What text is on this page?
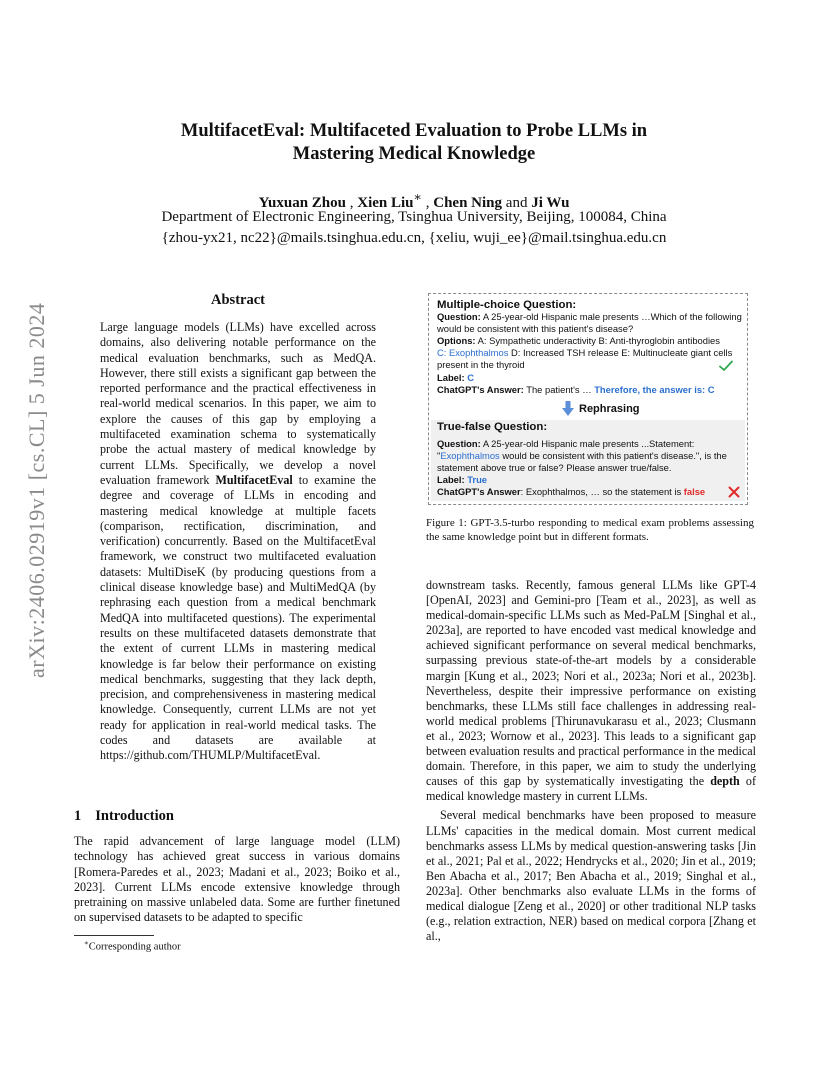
arXiv:2406.02919v1 [cs.CL] 5 Jun 2024
MultifacetEval: Multifaceted Evaluation to Probe LLMs in
Mastering Medical Knowledge
Yuxuan Zhou , Xien Liu∗ , Chen Ning and Ji Wu
Department of Electronic Engineering, Tsinghua University, Beijing, 100084, China
{zhou-yx21, nc22}@mails.tsinghua.edu.cn, {xeliu, wuji_ee}@mail.tsinghua.edu.cn
Abstract
Large language models (LLMs) have excelled across domains, also delivering notable performance on the medical evaluation benchmarks, such as MedQA. However, there still exists a significant gap between the reported performance and the practical effectiveness in real-world medical scenarios. In this paper, we aim to explore the causes of this gap by employing a multifaceted examination schema to systematically probe the actual mastery of medical knowledge by current LLMs. Specifically, we develop a novel evaluation framework MultifacetEval to examine the degree and coverage of LLMs in encoding and mastering medical knowledge at multiple facets (comparison, rectification, discrimination, and verification) concurrently. Based on the MultifacetEval framework, we construct two multifaceted evaluation datasets: MultiDiseK (by producing questions from a clinical disease knowledge base) and MultiMedQA (by rephrasing each question from a medical benchmark MedQA into multifaceted questions). The experimental results on these multifaceted datasets demonstrate that the extent of current LLMs in mastering medical knowledge is far below their performance on existing medical benchmarks, suggesting that they lack depth, precision, and comprehensiveness in mastering medical knowledge. Consequently, current LLMs are not yet ready for application in real-world medical tasks. The codes and datasets are available at https://github.com/THUMLP/MultifacetEval.
1 Introduction
The rapid advancement of large language model (LLM) technology has achieved great success in various domains [Romera-Paredes et al., 2023; Madani et al., 2023; Boiko et al., 2023]. Current LLMs encode extensive knowledge through pretraining on massive unlabeled data. Some are further finetuned on supervised datasets to be adapted to specific
∗Corresponding author
Multiple-choice Question:
Question: A 25-year-old Hispanic male presents …Which of the following would be consistent with this patient's disease?
Options: A: Sympathetic underactivity B: Anti-thyroglobin antibodies
C: Exophthalmos D: Increased TSH release E: Multinucleate giant cells present in the thyroid
Label: C
ChatGPT's Answer: The patient's … Therefore, the answer is: C
Rephrasing
True-false Question:
Question: A 25-year-old Hispanic male presents ...Statement: "Exophthalmos would be consistent with this patient's disease.", is the statement above true or false? Please answer true/false.
Label: True
ChatGPT's Answer: Exophthalmos, … so the statement is false
Figure 1: GPT-3.5-turbo responding to medical exam problems assessing the same knowledge point but in different formats.

downstream tasks. Recently, famous general LLMs like GPT-4 [OpenAI, 2023] and Gemini-pro [Team et al., 2023], as well as medical-domain-specific LLMs such as Med-PaLM [Singhal et al., 2023a], are reported to have encoded vast medical knowledge and achieved significant performance on several medical benchmarks, surpassing previous state-of-the-art models by a considerable margin [Kung et al., 2023; Nori et al., 2023a; Nori et al., 2023b]. Nevertheless, despite their impressive performance on existing benchmarks, these LLMs still face challenges in addressing real-world medical problems [Thirunavukarasu et al., 2023; Clusmann et al., 2023; Wornow et al., 2023]. This leads to a significant gap between evaluation results and practical performance in the medical domain. Therefore, in this paper, we aim to study the underlying causes of this gap by systematically investigating the depth of medical knowledge mastery in current LLMs.

Several medical benchmarks have been proposed to measure LLMs' capacities in the medical domain. Most current medical benchmarks assess LLMs by medical question-answering tasks [Jin et al., 2021; Pal et al., 2022; Hendrycks et al., 2020; Jin et al., 2019; Ben Abacha et al., 2017; Ben Abacha et al., 2019; Singhal et al., 2023a]. Other benchmarks also evaluate LLMs in the forms of medical dialogue [Zeng et al., 2020] or other traditional NLP tasks (e.g., relation extraction, NER) based on medical corpora [Zhang et al.,
